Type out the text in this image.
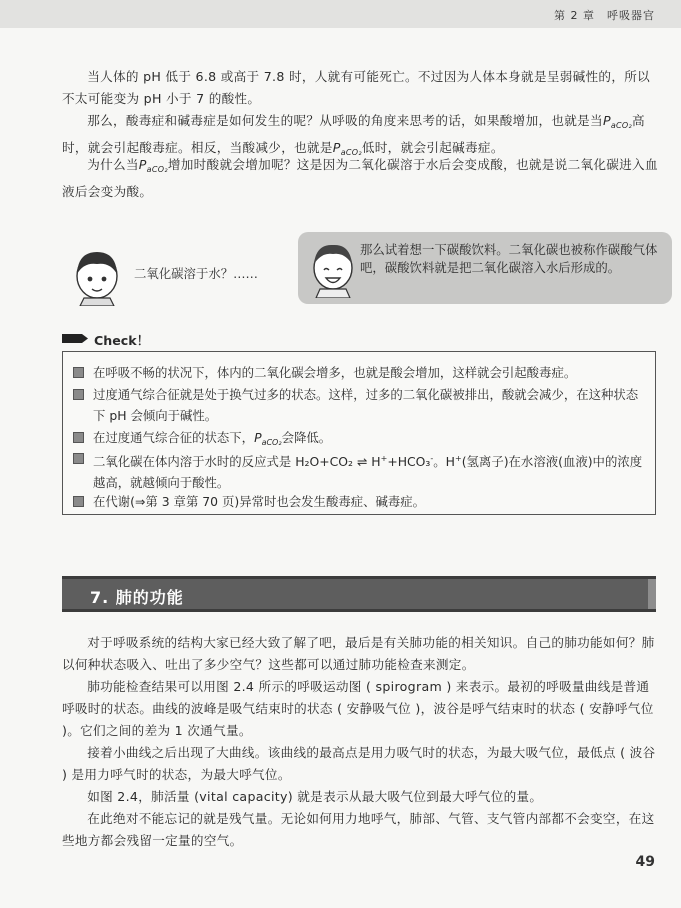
第 2 章　呼吸器官

当人体的 pH 低于 6.8 或高于 7.8 时，人就有可能死亡。不过因为人体本身就是呈弱碱性的，所以不太可能变为 pH 小于 7 的酸性。

那么，酸毒症和碱毒症是如何发生的呢？从呼吸的角度来思考的话，如果酸增加，也就是当$P_{aCO_2}$高时，就会引起酸毒症。相反，当酸减少，也就是$P_{aCO_2}$低时，就会引起碱毒症。

为什么当$P_{aCO_2}$增加时酸就会增加呢？这是因为二氧化碳溶于水后会变成酸，也就是说二氧化碳进入血液后会变为酸。

二氧化碳溶于水？……

那么试着想一下碳酸饮料。二氧化碳也被称作碳酸气体吧，碳酸饮料就是把二氧化碳溶入水后形成的。

Check！
在呼吸不畅的状况下，体内的二氧化碳会增多，也就是酸会增加，这样就会引起酸毒症。
过度通气综合征就是处于换气过多的状态。这样，过多的二氧化碳被排出，酸就会减少，在这种状态下 pH 会倾向于碱性。
在过度通气综合征的状态下，$P_{aCO_2}$会降低。
二氧化碳在体内溶于水时的反应式是 H₂O+CO₂ ⇌ H++HCO₃-。H+(氢离子)在水溶液(血液)中的浓度越高，就越倾向于酸性。
在代谢(⇒第 3 章第 70 页)异常时也会发生酸毒症、碱毒症。
7. 肺的功能

对于呼吸系统的结构大家已经大致了解了吧，最后是有关肺功能的相关知识。自己的肺功能如何？肺以何种状态吸入、吐出了多少空气？这些都可以通过肺功能检查来测定。

肺功能检查结果可以用图 2.4 所示的呼吸运动图 ( spirogram ) 来表示。最初的呼吸量曲线是普通呼吸时的状态。曲线的波峰是吸气结束时的状态 ( 安静吸气位 )，波谷是呼气结束时的状态 ( 安静呼气位 )。它们之间的差为 1 次通气量。

接着小曲线之后出现了大曲线。该曲线的最高点是用力吸气时的状态，为最大吸气位，最低点 ( 波谷 ) 是用力呼气时的状态，为最大呼气位。

如图 2.4，肺活量 (vital capacity) 就是表示从最大吸气位到最大呼气位的量。

在此绝对不能忘记的就是残气量。无论如何用力地呼气，肺部、气管、支气管内部都不会变空，在这些地方都会残留一定量的空气。

49
